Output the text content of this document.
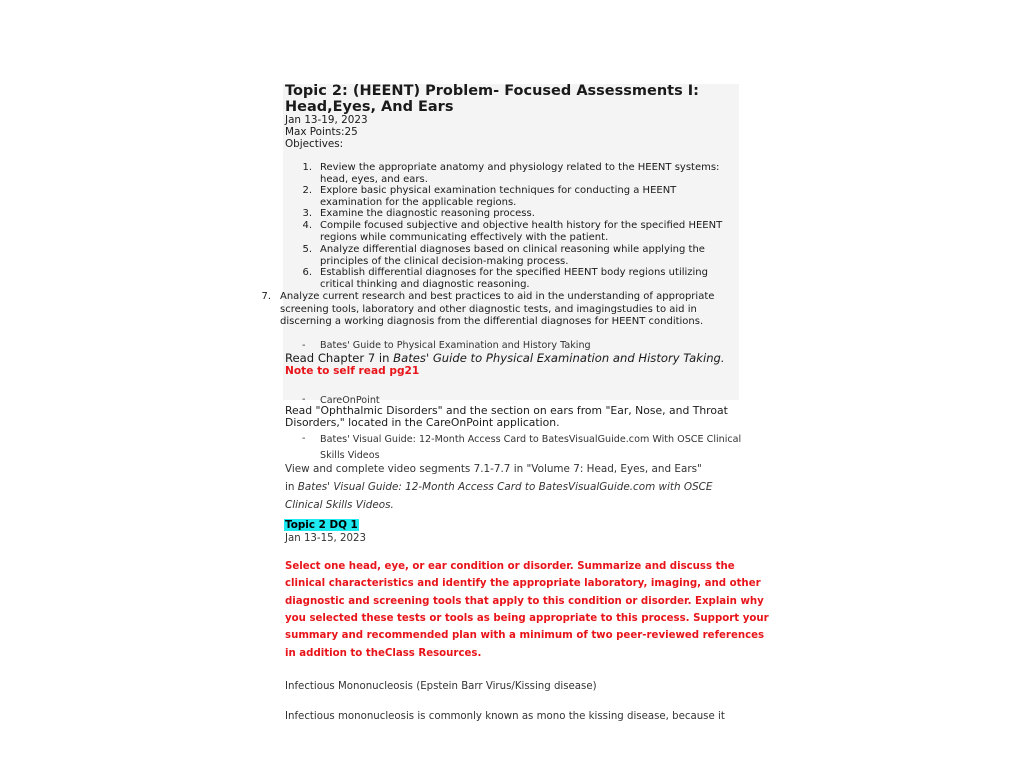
Topic 2: (HEENT) Problem- Focused Assessments I:
Head,Eyes, And Ears
Jan 13-19, 2023
Max Points:25
Objectives:
1. Review the appropriate anatomy and physiology related to the HEENT systems:
head, eyes, and ears.
2. Explore basic physical examination techniques for conducting a HEENT
examination for the applicable regions.
3. Examine the diagnostic reasoning process.
4. Compile focused subjective and objective health history for the specified HEENT
regions while communicating effectively with the patient.
5. Analyze differential diagnoses based on clinical reasoning while applying the
principles of the clinical decision-making process.
6. Establish differential diagnoses for the specified HEENT body regions utilizing
critical thinking and diagnostic reasoning.
7. Analyze current research and best practices to aid in the understanding of appropriate
screening tools, laboratory and other diagnostic tests, and imagingstudies to aid in
discerning a working diagnosis from the differential diagnoses for HEENT conditions.
- Bates' Guide to Physical Examination and History Taking
Read Chapter 7 in Bates' Guide to Physical Examination and History Taking.
Note to self read pg21
- CareOnPoint
Read "Ophthalmic Disorders" and the section on ears from "Ear, Nose, and Throat
Disorders," located in the CareOnPoint application.
- Bates' Visual Guide: 12-Month Access Card to BatesVisualGuide.com With OSCE Clinical
Skills Videos
View and complete video segments 7.1-7.7 in "Volume 7: Head, Eyes, and Ears"
in Bates' Visual Guide: 12-Month Access Card to BatesVisualGuide.com with OSCE
Clinical Skills Videos.
Topic 2 DQ 1
Jan 13-15, 2023
Select one head, eye, or ear condition or disorder. Summarize and discuss the
clinical characteristics and identify the appropriate laboratory, imaging, and other
diagnostic and screening tools that apply to this condition or disorder. Explain why
you selected these tests or tools as being appropriate to this process. Support your
summary and recommended plan with a minimum of two peer-reviewed references
in addition to theClass Resources.
Infectious Mononucleosis (Epstein Barr Virus/Kissing disease)
Infectious mononucleosis is commonly known as mono the kissing disease, because it
